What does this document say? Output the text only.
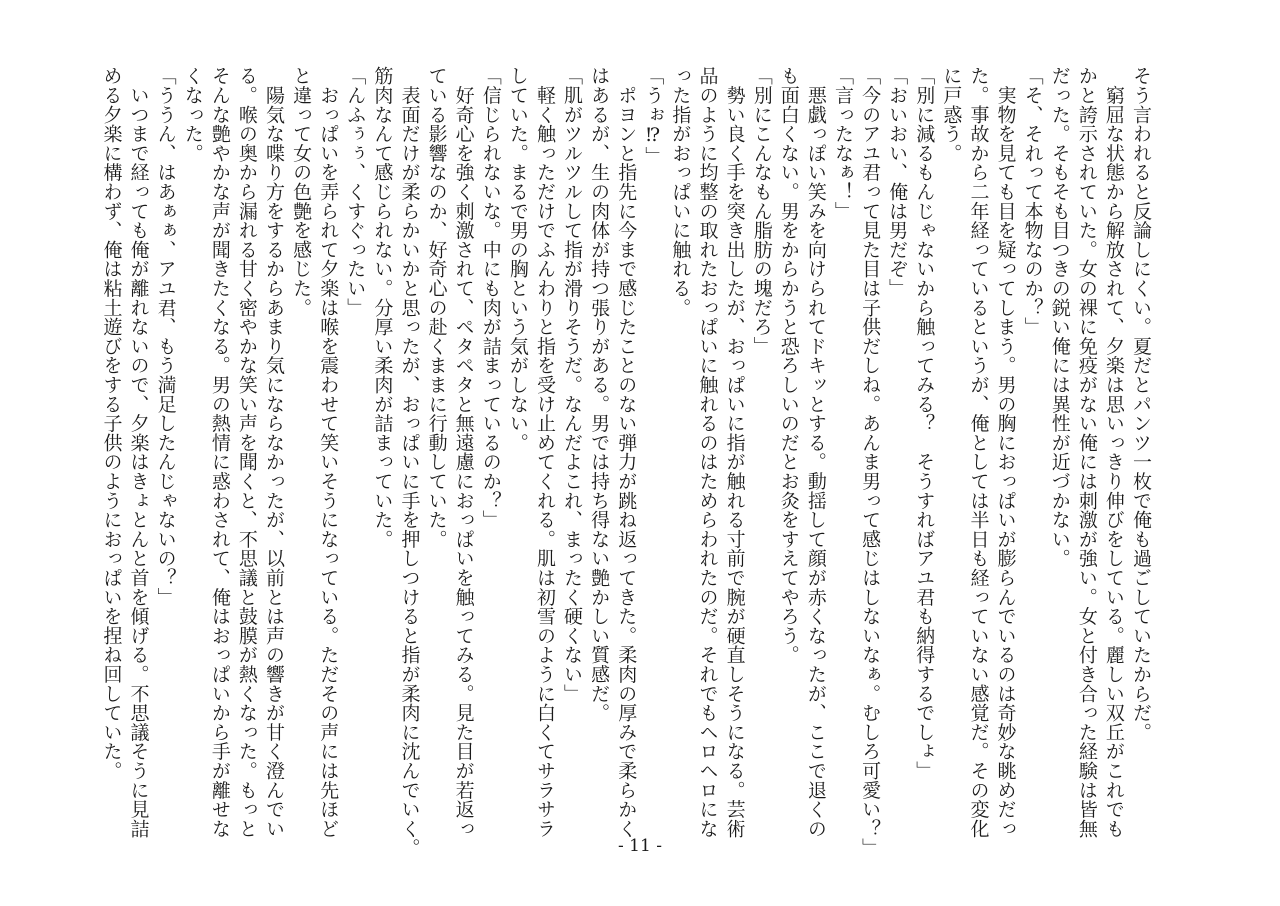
そう言われると反論しにくい。夏だとパンツ一枚で俺も過ごしていたからだ。
　窮屈な状態から解放されて、夕楽は思いっきり伸びをしている。麗しい双丘がこれでも
かと誇示されていた。女の裸に免疫がない俺には刺激が強い。女と付き合った経験は皆無
だった。そもそも目つきの鋭い俺には異性が近づかない。
「そ、それって本物なのか？」
　実物を見ても目を疑ってしまう。男の胸におっぱいが膨らんでいるのは奇妙な眺めだっ
た。事故から二年経っているというが、俺としては半日も経っていない感覚だ。その変化
に戸惑う。
「別に減るもんじゃないから触ってみる？　そうすればアユ君も納得するでしょ」
「おいおい、俺は男だぞ」
「今のアユ君って見た目は子供だしね。あんま男って感じはしないなぁ。むしろ可愛い？」
「言ったなぁ！」
　悪戯っぽい笑みを向けられてドキッとする。動揺して顔が赤くなったが、ここで退くの
も面白くない。男をからかうと恐ろしいのだとお灸をすえてやろう。
「別にこんなもん脂肪の塊だろ」
　勢い良く手を突き出したが、おっぱいに指が触れる寸前で腕が硬直しそうになる。芸術
品のように均整の取れたおっぱいに触れるのはためらわれたのだ。それでもヘロヘロにな
った指がおっぱいに触れる。
「うぉ⁉」
　ポヨンと指先に今まで感じたことのない弾力が跳ね返ってきた。柔肉の厚みで柔らかく
はあるが、生の肉体が持つ張りがある。男では持ち得ない艶かしい質感だ。
「肌がツルツルして指が滑りそうだ。なんだよこれ、まったく硬くない」
　軽く触っただけでふんわりと指を受け止めてくれる。肌は初雪のように白くてサラサラ
していた。まるで男の胸という気がしない。
「信じられないな。中にも肉が詰まっているのか？」
　好奇心を強く刺激されて、ペタペタと無遠慮におっぱいを触ってみる。見た目が若返っ
ている影響なのか、好奇心の赴くままに行動していた。
　表面だけが柔らかいかと思ったが、おっぱいに手を押しつけると指が柔肉に沈んでいく。
筋肉なんて感じられない。分厚い柔肉が詰まっていた。
「んふぅぅ、くすぐったい」
　おっぱいを弄られて夕楽は喉を震わせて笑いそうになっている。ただその声には先ほど
と違って女の色艶を感じた。
　陽気な喋り方をするからあまり気にならなかったが、以前とは声の響きが甘く澄んでい
る。喉の奥から漏れる甘く密やかな笑い声を聞くと、不思議と鼓膜が熱くなった。もっと
そんな艶やかな声が聞きたくなる。男の熱情に惑わされて、俺はおっぱいから手が離せな
くなった。
「ううん、はあぁぁ、アユ君、もう満足したんじゃないの？」
　いつまで経っても俺が離れないので、夕楽はきょとんと首を傾げる。不思議そうに見詰
める夕楽に構わず、俺は粘土遊びをする子供のようにおっぱいを捏ね回していた。
- 11 -
